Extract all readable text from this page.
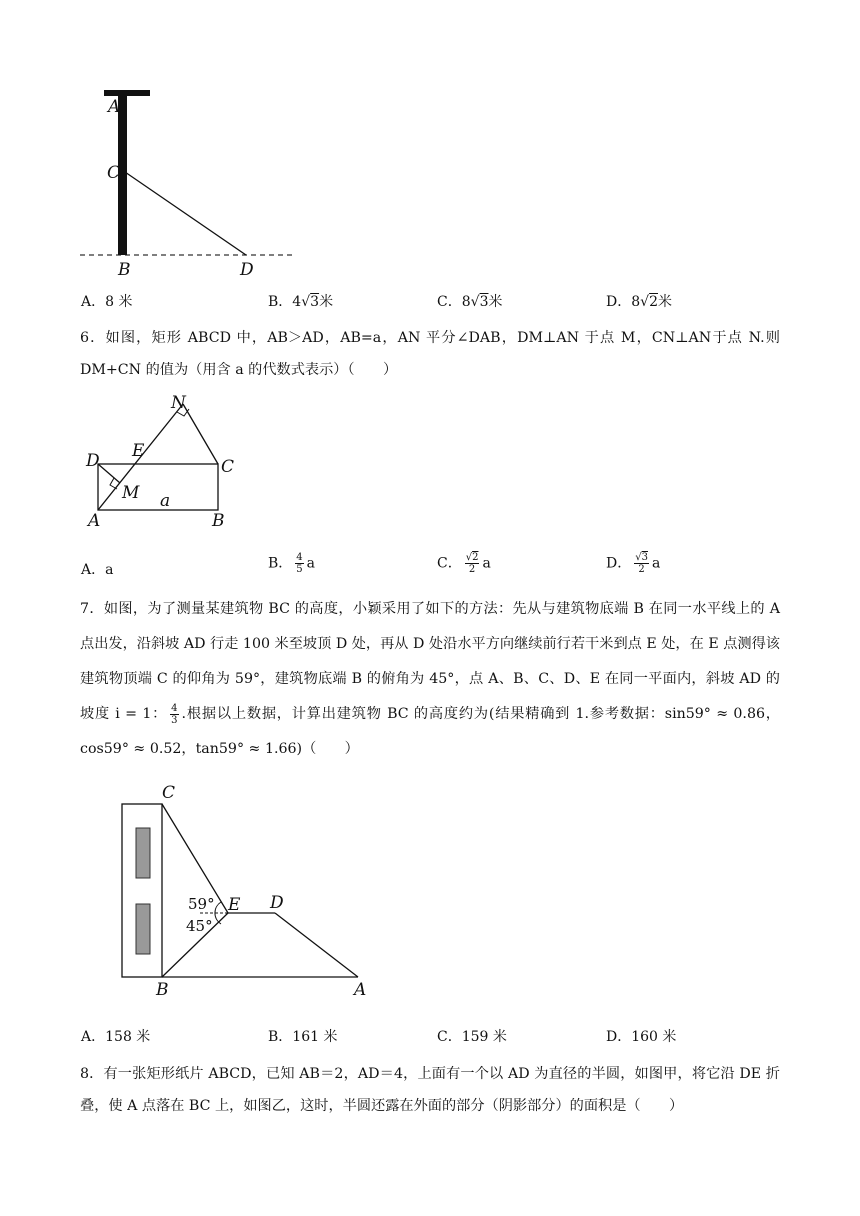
A
C
B	D
A．8 米	B．4√3米	C．8√3米	D．8√2米
6．如图，矩形 ABCD 中，AB＞AD，AB=a，AN 平分∠DAB，DM⊥AN 于点 M，CN⊥AN于点 N.则 DM+CN 的值为（用含 a 的代数式表示）（　　）
N
D E
C
M a
A	B
A．a	B． $\frac{4}{5}$ a	C． $\frac{√2}{2}$ a	D． $\frac{√3}{2}$ a
7．如图，为了测量某建筑物 BC 的高度，小颖采用了如下的方法：先从与建筑物底端 B 在同一水平线上的 A 点出发，沿斜坡 AD 行走 100 米至坡顶 D 处，再从 D 处沿水平方向继续前行若干米到点 E 处，在 E 点测得该建筑物顶端 C 的仰角为 59°，建筑物底端 B 的俯角为 45°，点 A、B、C、D、E 在同一平面内，斜坡 AD 的坡度 i = 1： $\frac{4}{3}$ .根据以上数据，计算出建筑物 BC 的高度约为(结果精确到 1.参考数据：sin59° ≈ 0.86，cos59° ≈ 0.52，tan59° ≈ 1.66)（　　）
59°
45°
C
E D
B	A
A．158 米	B．161 米	C．159 米	D．160 米
8．有一张矩形纸片 ABCD，已知 AB＝2，AD＝4，上面有一个以 AD 为直径的半圆，如图甲，将它沿 DE 折叠，使 A 点落在 BC 上，如图乙，这时，半圆还露在外面的部分（阴影部分）的面积是（　　）
